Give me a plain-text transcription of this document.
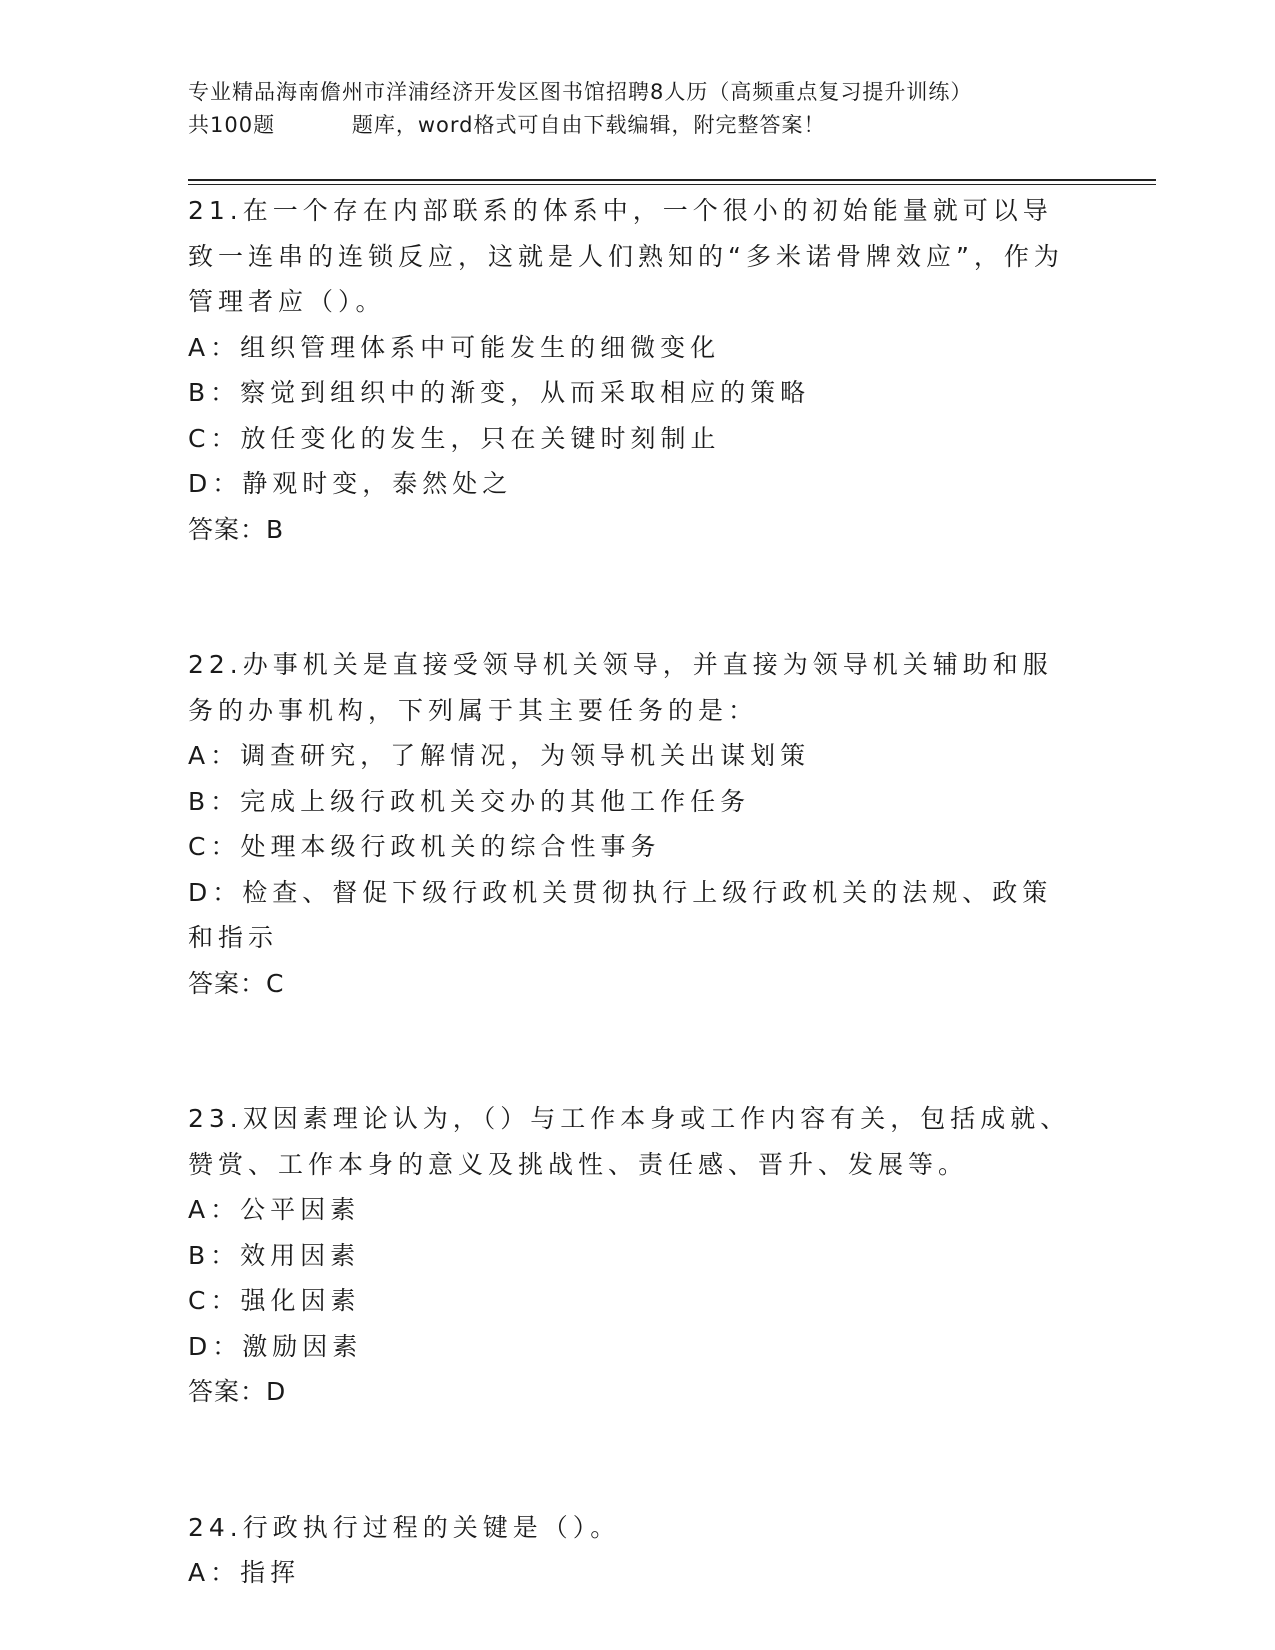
专业精品海南儋州市洋浦经济开发区图书馆招聘8人历（高频重点复习提升训练）
共100题          题库，word格式可自由下载编辑，附完整答案！

21.在一个存在内部联系的体系中，一个很小的初始能量就可以导致一连串的连锁反应，这就是人们熟知的“多米诺骨牌效应”，作为管理者应（）。

A：组织管理体系中可能发生的细微变化

B：察觉到组织中的渐变，从而采取相应的策略

C：放任变化的发生，只在关键时刻制止

D：静观时变，泰然处之

答案：B

22.办事机关是直接受领导机关领导，并直接为领导机关辅助和服务的办事机构，下列属于其主要任务的是：

A：调查研究，了解情况，为领导机关出谋划策

B：完成上级行政机关交办的其他工作任务

C：处理本级行政机关的综合性事务

D：检查、督促下级行政机关贯彻执行上级行政机关的法规、政策和指示

答案：C

23.双因素理论认为，（）与工作本身或工作内容有关，包括成就、赞赏、工作本身的意义及挑战性、责任感、晋升、发展等。

A：公平因素

B：效用因素

C：强化因素

D：激励因素

答案：D

24.行政执行过程的关键是（）。

A：指挥
